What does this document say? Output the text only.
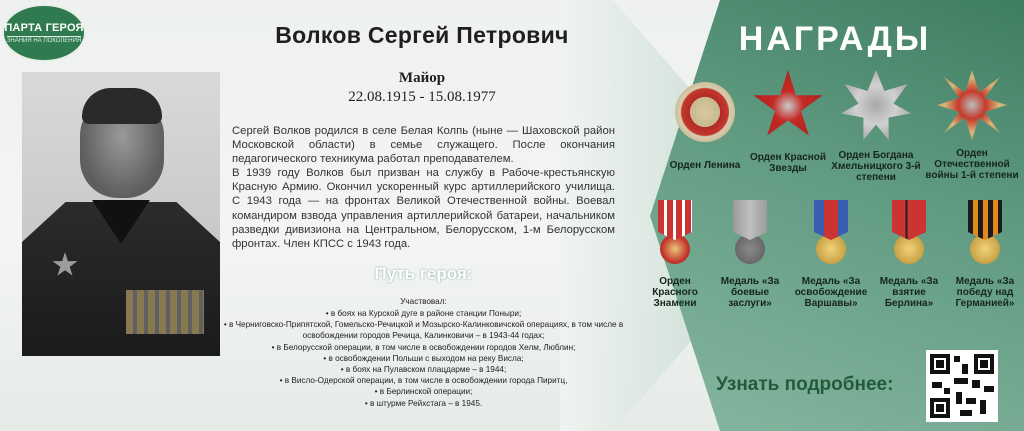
ПАРТА ГЕРОЯ
ЗНАНИЯ НА ПОКОЛЕНИЯ	Волков Сергей Петрович
Майор
22.08.1915 - 15.08.1977

Сергей Волков родился в селе Белая Колпь (ныне — Шаховской район Московской области) в семье служащего. После окончания педагогического техникума работал преподавателем.

В 1939 году Волков был призван на службу в Рабоче-крестьянскую Красную Армию. Окончил ускоренный курс артиллерийского училища. С 1943 года — на фронтах Великой Отечественной войны. Воевал командиром взвода управления артиллерийской батареи, начальником разведки дивизиона на Центральном, Белорусском, 1-м Белорусском фронтах. Член КПСС с 1943 года.

Путь героя:
Участвовал:
• в боях на Курской дуге в районе станции Поныри;
• в Черниговско-Припятской, Гомельско-Речицкой и Мозырско-Калинковичской операциях, в том числе в освобождении городов Речица, Калинковичи – в 1943-44 годах;
• в Белорусской операции, в том числе в освобождении городов Хелм, Люблин;
• в освобождении Польши с выходом на реку Висла;
• в боях на Пулавском плацдарме – в 1944;
• в Висло-Одерской операции, в том числе в освобождении города Пиритц,
• в Берлинской операции;
• в штурме Рейхстага – в 1945.
НАГРАДЫ
Орден Ленина
Орден Красной Звезды
Орден Богдана Хмельницкого 3-й степени
Орден Отечественной войны 1-й степени
Орден Красного Знамени
Медаль «За боевые заслуги»
Медаль «За освобождение Варшавы»
Медаль «За взятие Берлина»
Медаль «За победу над Германией»
Узнать подробнее:
